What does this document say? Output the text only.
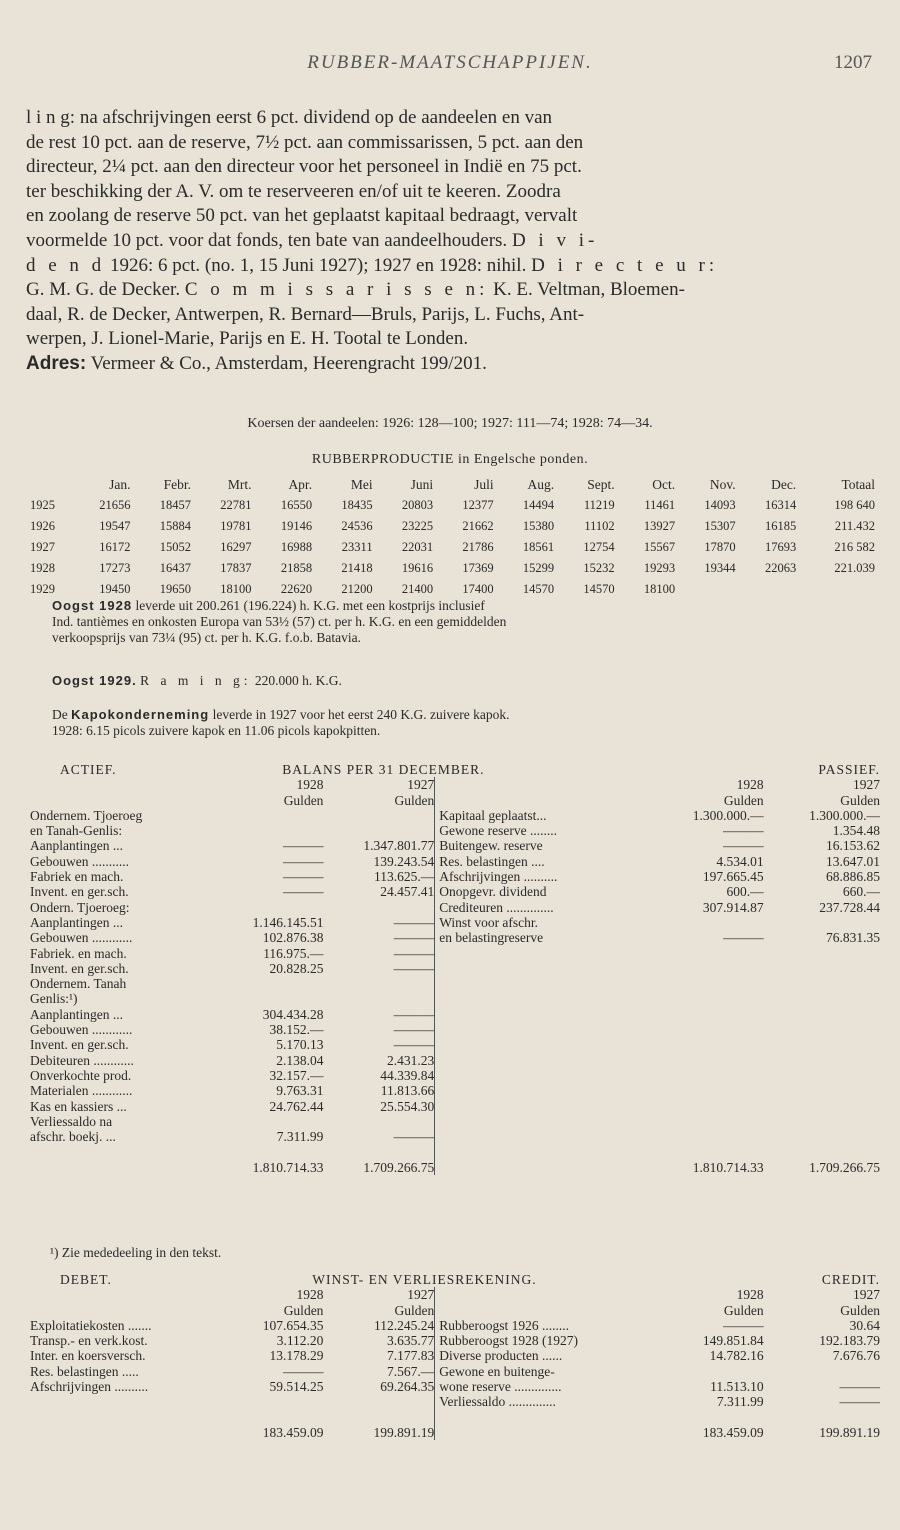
RUBBER-MAATSCHAPPIJEN.	1207

l i n g: na afschrijvingen eerst 6 pct. dividend op de aandeelen en van

de rest 10 pct. aan de reserve, 7½ pct. aan commissarissen, 5 pct. aan den

directeur, 2¼ pct. aan den directeur voor het personeel in Indië en 75 pct.

ter beschikking der A. V. om te reserveeren en/of uit te keeren. Zoodra

en zoolang de reserve 50 pct. van het geplaatst kapitaal bedraagt, vervalt

voormelde 10 pct. voor dat fonds, ten bate van aandeelhouders. D i v i-

d e n d 1926: 6 pct. (no. 1, 15 Juni 1927); 1927 en 1928: nihil. D i r e c t e u r:

G. M. G. de Decker. C o m m i s s a r i s s e n: K. E. Veltman, Bloemen-

daal, R. de Decker, Antwerpen, R. Bernard—Bruls, Parijs, L. Fuchs, Ant-

werpen, J. Lionel-Marie, Parijs en E. H. Tootal te Londen.

Adres: Vermeer & Co., Amsterdam, Heerengracht 199/201.

Koersen der aandeelen: 1926: 128—100; 1927: 111—74; 1928: 74—34.
RUBBERPRODUCTIE in Engelsche ponden.
	Jan.	Febr.	Mrt.	Apr.	Mei	Juni	Juli	Aug.	Sept.	Oct.	Nov.	Dec.	Totaal
1925	21656	18457	22781	16550	18435	20803	12377	14494	11219	11461	14093	16314	198 640
1926	19547	15884	19781	19146	24536	23225	21662	15380	11102	13927	15307	16185	211.432
1927	16172	15052	16297	16988	23311	22031	21786	18561	12754	15567	17870	17693	216 582
1928	17273	16437	17837	21858	21418	19616	17369	15299	15232	19293	19344	22063	221.039
1929	19450	19650	18100	22620	21200	21400	17400	14570	14570	18100			
Oogst 1928 leverde uit 200.261 (196.224) h. K.G. met een kostprijs inclusief
Ind. tantièmes en onkosten Europa van 53½ (57) ct. per h. K.G. en een gemiddelden
verkoopsprijs van 73¼ (95) ct. per h. K.G. f.o.b. Batavia.
Oogst 1929. R a m i n g: 220.000 h. K.G.
De Kapokonderneming leverde in 1927 voor het eerst 240 K.G. zuivere kapok.
1928: 6.15 picols zuivere kapok en 11.06 picols kapokpitten.
ACTIEF.	BALANS PER 31 DECEMBER.				PASSIEF.
	1928	1927		1928	1927
	Gulden	Gulden		Gulden	Gulden
Ondernem. Tjoeroeg			Kapitaal geplaatst...	1.300.000.—	1.300.000.—
en Tanah-Genlis:			Gewone reserve ........	———	1.354.48
Aanplantingen ...	———	1.347.801.77	Buitengew. reserve	———	16.153.62
Gebouwen ...........	———	139.243.54	Res. belastingen ....	4.534.01	13.647.01
Fabriek en mach.	———	113.625.—	Afschrijvingen ..........	197.665.45	68.886.85
Invent. en ger.sch.	———	24.457.41	Onopgevr. dividend	600.—	660.—
Ondern. Tjoeroeg:			Crediteuren ..............	307.914.87	237.728.44
Aanplantingen ...	1.146.145.51	———	Winst voor afschr.		
Gebouwen ............	102.876.38	———	en belastingreserve	———	76.831.35
Fabriek. en mach.	116.975.—	———			
Invent. en ger.sch.	20.828.25	———			
Ondernem. Tanah					
Genlis:¹)					
Aanplantingen ...	304.434.28	———			
Gebouwen ............	38.152.—	———			
Invent. en ger.sch.	5.170.13	———			
Debiteuren ............	2.138.04	2.431.23			
Onverkochte prod.	32.157.—	44.339.84			
Materialen ............	9.763.31	11.813.66			
Kas en kassiers ...	24.762.44	25.554.30			
Verliessaldo na					
afschr. boekj. ...	7.311.99	———			

	1.810.714.33	1.709.266.75		1.810.714.33	1.709.266.75
¹) Zie mededeeling in den tekst.
DEBET.	WINST- EN VERLIESREKENING.				CREDIT.
	1928	1927		1928	1927
	Gulden	Gulden		Gulden	Gulden
Exploitatiekosten .......	107.654.35	112.245.24	Rubberoogst 1926 ........	———	30.64
Transp.- en verk.kost.	3.112.20	3.635.77	Rubberoogst 1928 (1927)	149.851.84	192.183.79
Inter. en koersversch.	13.178.29	7.177.83	Diverse producten ......	14.782.16	7.676.76
Res. belastingen .....	———	7.567.—	Gewone en buitenge-		
Afschrijvingen ..........	59.514.25	69.264.35	wone reserve ..............	11.513.10	———
			Verliessaldo ..............	7.311.99	———

	183.459.09	199.891.19		183.459.09	199.891.19
